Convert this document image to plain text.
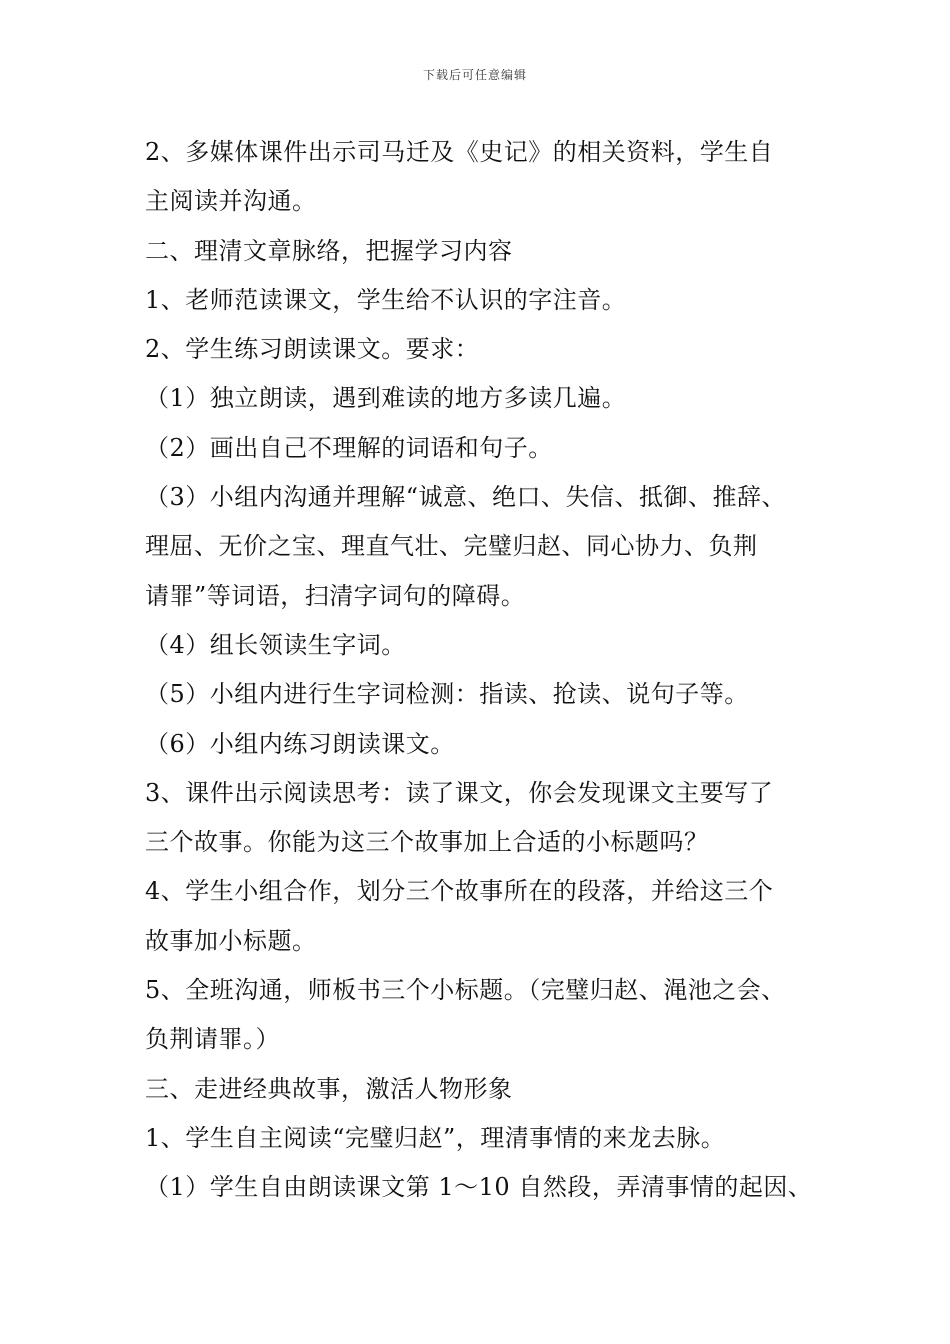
下载后可任意编辑
2、多媒体课件出示司马迁及《史记》的相关资料，学生自
主阅读并沟通。
二、理清文章脉络，把握学习内容
1、老师范读课文，学生给不认识的字注音。
2、学生练习朗读课文。要求：
（1）独立朗读，遇到难读的地方多读几遍。
（2）画出自己不理解的词语和句子。
（3）小组内沟通并理解“诚意、绝口、失信、抵御、推辞、
理屈、无价之宝、理直气壮、完璧归赵、同心协力、负荆
请罪”等词语，扫清字词句的障碍。
（4）组长领读生字词。
（5）小组内进行生字词检测：指读、抢读、说句子等。
（6）小组内练习朗读课文。
3、课件出示阅读思考：读了课文，你会发现课文主要写了
三个故事。你能为这三个故事加上合适的小标题吗？
4、学生小组合作，划分三个故事所在的段落，并给这三个
故事加小标题。
5、全班沟通，师板书三个小标题。（完璧归赵、渑池之会、
负荆请罪。）
三、走进经典故事，激活人物形象
1、学生自主阅读“完璧归赵”，理清事情的来龙去脉。
（1）学生自由朗读课文第 1～10 自然段，弄清事情的起因、
